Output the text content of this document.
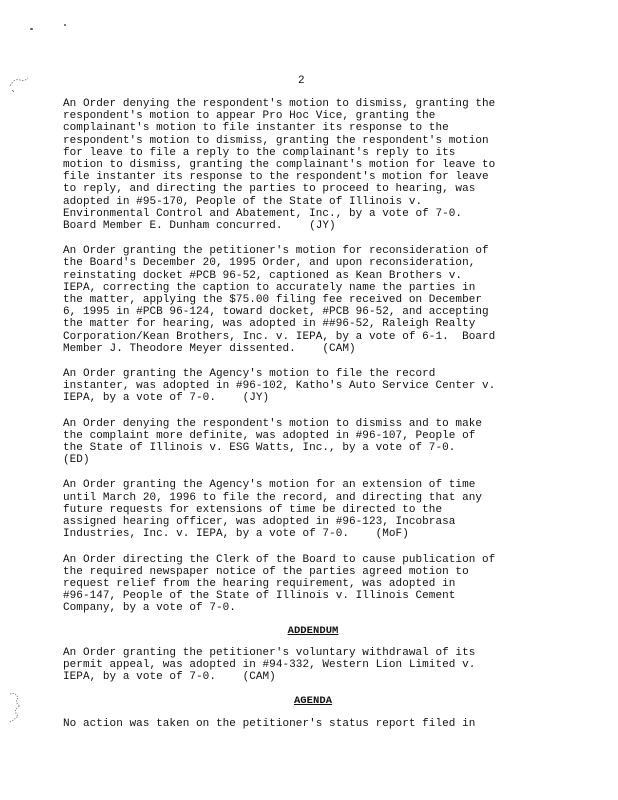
2

An Order denying the respondent's motion to dismiss, granting the
respondent's motion to appear Pro Hoc Vice, granting the
complainant's motion to file instanter its response to the
respondent's motion to dismiss, granting the respondent's motion
for leave to file a reply to the complainant's reply to its
motion to dismiss, granting the complainant's motion for leave to
file instanter its response to the respondent's motion for leave
to reply, and directing the parties to proceed to hearing, was
adopted in #95-170, People of the State of Illinois v.
Environmental Control and Abatement, Inc., by a vote of 7-0.
Board Member E. Dunham concurred.    (JY)

An Order granting the petitioner's motion for reconsideration of
the Board's December 20, 1995 Order, and upon reconsideration,
reinstating docket #PCB 96-52, captioned as Kean Brothers v.
IEPA, correcting the caption to accurately name the parties in
the matter, applying the $75.00 filing fee received on December
6, 1995 in #PCB 96-124, toward docket, #PCB 96-52, and accepting
the matter for hearing, was adopted in ##96-52, Raleigh Realty
Corporation/Kean Brothers, Inc. v. IEPA, by a vote of 6-1.  Board
Member J. Theodore Meyer dissented.    (CAM)

An Order granting the Agency's motion to file the record
instanter, was adopted in #96-102, Katho's Auto Service Center v.
IEPA, by a vote of 7-0.    (JY)

An Order denying the respondent's motion to dismiss and to make
the complaint more definite, was adopted in #96-107, People of
the State of Illinois v. ESG Watts, Inc., by a vote of 7-0.
(ED)

An Order granting the Agency's motion for an extension of time
until March 20, 1996 to file the record, and directing that any
future requests for extensions of time be directed to the
assigned hearing officer, was adopted in #96-123, Incobrasa
Industries, Inc. v. IEPA, by a vote of 7-0.    (MoF)

An Order directing the Clerk of the Board to cause publication of
the required newspaper notice of the parties agreed motion to
request relief from the hearing requirement, was adopted in
#96-147, People of the State of Illinois v. Illinois Cement
Company, by a vote of 7-0.

ADDENDUM

An Order granting the petitioner's voluntary withdrawal of its
permit appeal, was adopted in #94-332, Western Lion Limited v.
IEPA, by a vote of 7-0.    (CAM)

AGENDA

No action was taken on the petitioner's status report filed in
